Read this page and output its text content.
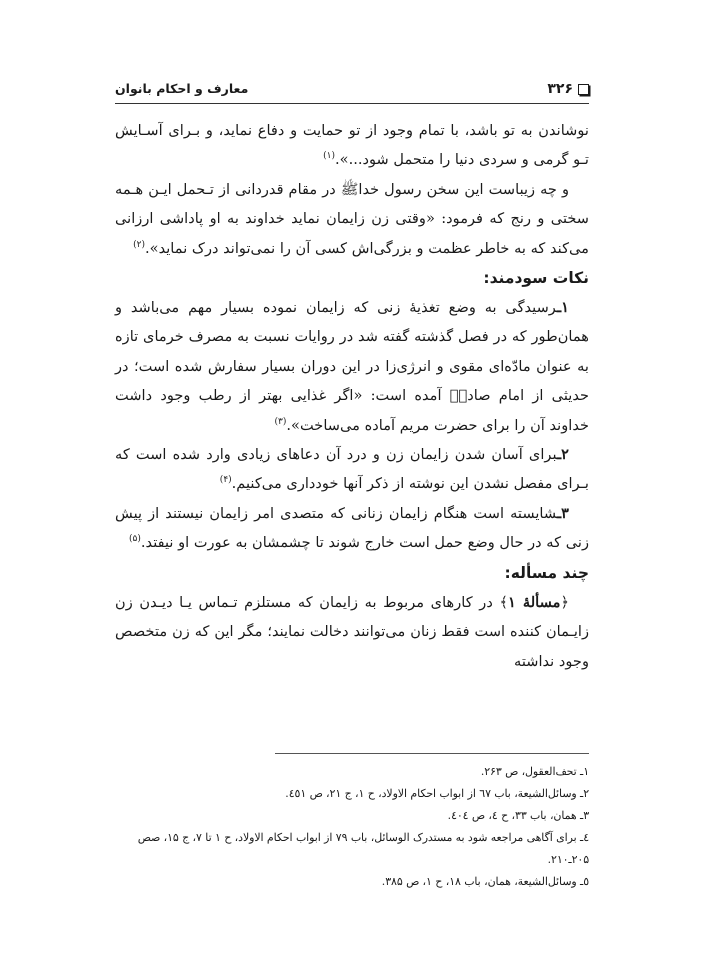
۳۲۶
معارف و احکام بانوان

نوشاندن به تو باشد، با تمام وجود از تو حمایت و دفاع نماید، و بـرای آسـایش تـو گرمی و سردی دنیا را متحمل شود...».$^{(۱)}$

و چه زیباست این سخن رسول خداﷺ در مقام قدردانی از تـحمل ایـن هـمه سختی و رنج که فرمود: «وقتی زن زایمان نماید خداوند به او پاداشی ارزانی می‌کند که به خاطر عظمت و بزرگی‌اش کسی آن را نمی‌تواند درک نماید».$^{(۲)}$

نکات سودمند:

۱ـرسیدگی به وضع تغذیهٔ زنی که زایمان نموده بسیار مهم می‌باشد و همان‌طور که در فصل گذشته گفته شد در روایات نسبت به مصرف خرمای تازه به عنوان مادّه‌ای مقوی و انرژی‌زا در این دوران بسیار سفارش شده است؛ در حدیثی از امام صادقؑ آمده است: «اگر غذایی بهتر از رطب وجود داشت خداوند آن را برای حضرت مریم آماده می‌ساخت».$^{(۳)}$

۲ـبرای آسان شدن زایمان زن و درد آن دعاهای زیادی وارد شده است که بـرای مفصل نشدن این نوشته از ذکر آنها خودداری می‌کنیم.$^{(۴)}$

۳ـشایسته است هنگام زایمان زنانی که متصدی امر زایمان نیستند از پیش زنی که در حال وضع حمل است خارج شوند تا چشمشان به عورت او نیفتد.$^{(۵)}$

چند مسأله:

﴿مسألهٔ ۱﴾ در کارهای مربوط به زایمان که مستلزم تـماس یـا دیـدن زن زایـمان کننده است فقط زنان می‌توانند دخالت نمایند؛ مگر این که زن متخصص وجود نداشته

۱ـ تحف‌العقول، ص ۲۶۳.
۲ـ وسائل‌الشیعة، باب ٦٧ از ابواب احکام الاولاد، ح ١، ج ٢١، ص ٤٥١.
۳ـ همان، باب ٣٣، ح ٤، ص ٤٠٤.
٤ـ برای آگاهی مراجعه شود به مستدرک الوسائل، باب ۷۹ از ابواب احکام الاولاد، ح ۱ تا ۷، ج ۱۵، صص ۲۰۵ـ۲۱۰.
٥ـ وسائل‌الشیعة، همان، باب ۱۸، ح ۱، ص ۳۸۵.
